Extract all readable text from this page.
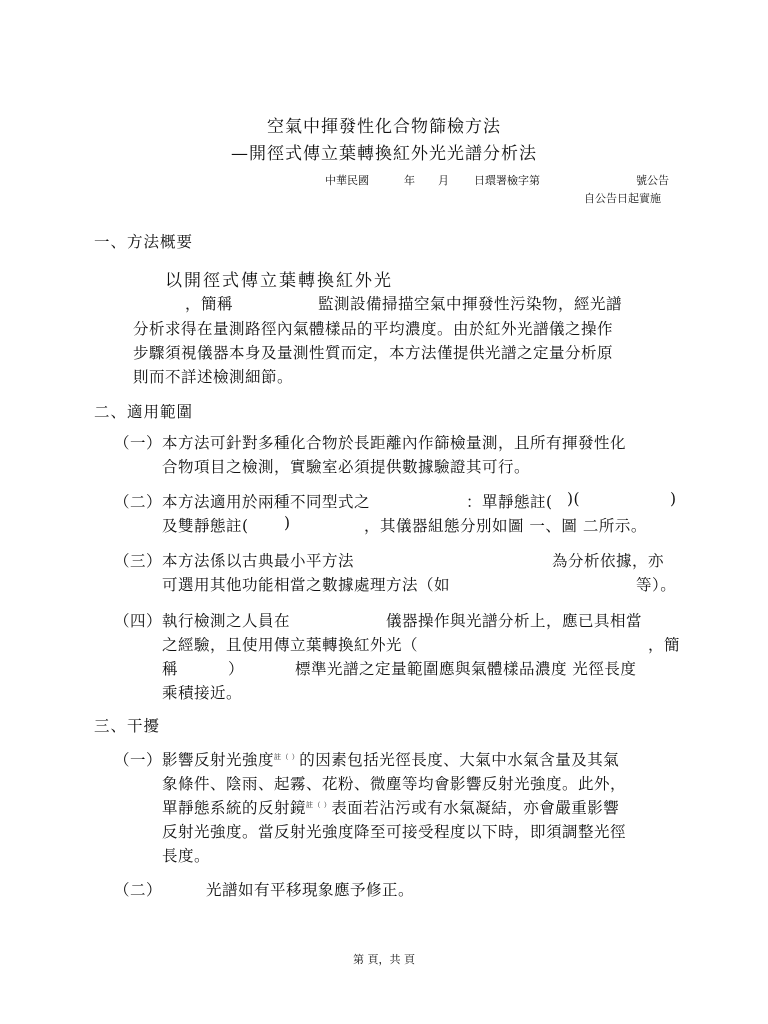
空氣中揮發性化合物篩檢方法
—開徑式傳立葉轉換紅外光光譜分析法
中華民國	年 月 日環署檢字第	號公告
自公告日起實施
一、方法概要
以開徑式傳立葉轉換紅外光
，簡稱	監測設備掃描空氣中揮發性污染物，經光譜
分析求得在量測路徑內氣體樣品的平均濃度。由於紅外光譜儀之操作
步驟須視儀器本身及量測性質而定，本方法僅提供光譜之定量分析原
則而不詳述檢測細節。
二、適用範圍
（一） 本方法可針對多種化合物於長距離內作篩檢量測，且所有揮發性化
合物項目之檢測，實驗室必須提供數據驗證其可行。
（二） 本方法適用於兩種不同型式之	：單靜態註( )(	)
及雙靜態註( )	，其儀器組態分別如圖 一、圖 二所示。
（三） 本方法係以古典最小平方法	為分析依據，亦
可選用其他功能相當之數據處理方法（如	等）。
（四） 執行檢測之人員在	儀器操作與光譜分析上，應已具相當
之經驗，且使用傳立葉轉換紅外光（	，簡
稱	）	標準光譜之定量範圍應與氣體樣品濃度 光徑長度
乘積接近。
三、干擾
（一） 影響反射光強度$^{註( )}$的因素包括光徑長度、大氣中水氣含量及其氣
象條件、陰雨、起霧、花粉、微塵等均會影響反射光強度。此外，
單靜態系統的反射鏡$^{註( )}$表面若沾污或有水氣凝結，亦會嚴重影響
反射光強度。當反射光強度降至可接受程度以下時，即須調整光徑
長度。
（二）	光譜如有平移現象應予修正。
第 頁，共 頁
